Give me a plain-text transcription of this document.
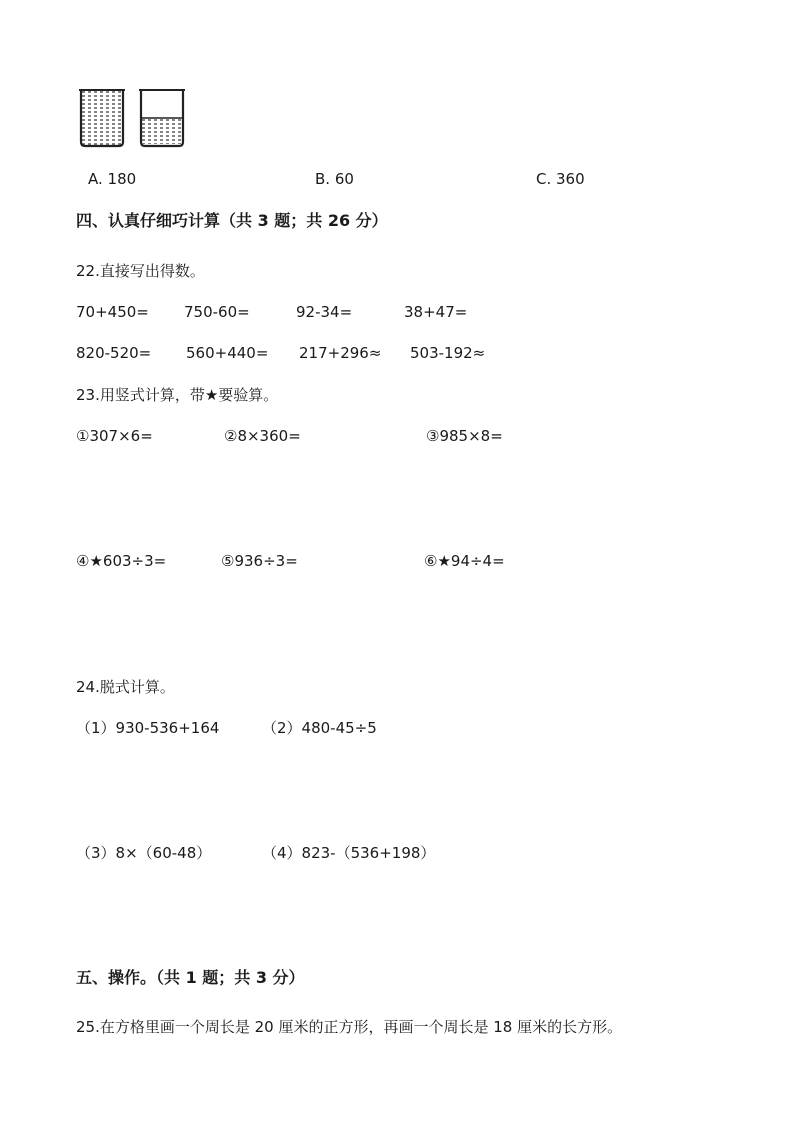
A. 180	B. 60	C. 360
四、认真仔细巧计算（共 3 题；共 26 分）
22.直接写出得数。
70+450= 750-60=	92-34=	38+47=
820-520= 560+440= 217+296≈ 503-192≈
23.用竖式计算，带★要验算。
①307×6=	②8×360=	③985×8=
④★603÷3=	⑤936÷3=	⑥★94÷4=
24.脱式计算。
（1）930-536+164	（2）480-45÷5
（3）8×（60-48）	（4）823-（536+198）
五、操作。（共 1 题；共 3 分）
25.在方格里画一个周长是 20 厘米的正方形，再画一个周长是 18 厘米的长方形。
